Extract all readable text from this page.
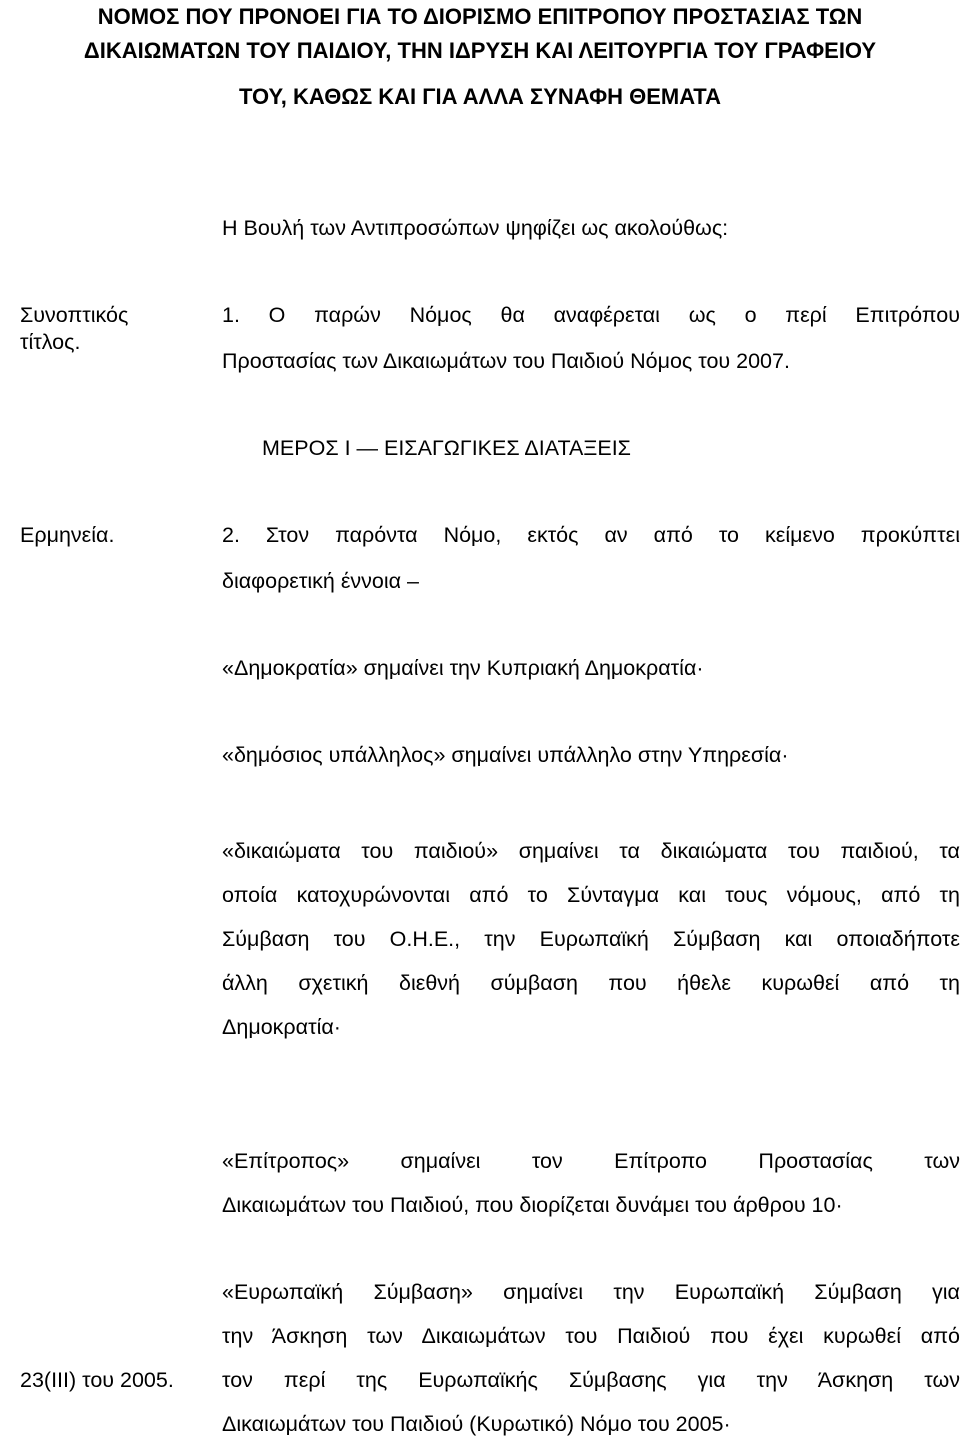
ΝΟΜΟΣ ΠΟΥ ΠΡΟΝΟΕΙ ΓΙΑ ΤΟ ΔΙΟΡΙΣΜΟ ΕΠΙΤΡΟΠΟΥ ΠΡΟΣΤΑΣΙΑΣ ΤΩΝ
ΔΙΚΑΙΩΜΑΤΩΝ ΤΟΥ ΠΑΙΔΙΟΥ, ΤΗΝ ΙΔΡΥΣΗ ΚΑΙ ΛΕΙΤΟΥΡΓΙΑ ΤΟΥ ΓΡΑΦΕΙΟΥ
ΤΟΥ, ΚΑΘΩΣ ΚΑΙ ΓΙΑ ΑΛΛΑ ΣΥΝΑΦΗ ΘΕΜΑΤΑ
Η Βουλή των Αντιπροσώπων ψηφίζει ως ακολούθως:
Συνοπτικός
τίτλος.
1. Ο παρών Νόμος θα αναφέρεται ως ο περί Επιτρόπου
Προστασίας των Δικαιωμάτων του Παιδιού Νόμος του 2007.
ΜΕΡΟΣ Ι — ΕΙΣΑΓΩΓΙΚΕΣ ΔΙΑΤΑΞΕΙΣ
Ερμηνεία.	2. Στον παρόντα Νόμο, εκτός αν από το κείμενο προκύπτει
διαφορετική έννοια –
«Δημοκρατία» σημαίνει την Κυπριακή Δημοκρατία·
«δημόσιος υπάλληλος» σημαίνει υπάλληλο στην Υπηρεσία·
«δικαιώματα του παιδιού» σημαίνει τα δικαιώματα του παιδιού, τα
οποία κατοχυρώνονται από το Σύνταγμα και τους νόμους, από τη
Σύμβαση του Ο.Η.Ε., την Ευρωπαϊκή Σύμβαση και οποιαδήποτε
άλλη σχετική διεθνή σύμβαση που ήθελε κυρωθεί από τη
Δημοκρατία·
«Επίτροπος» σημαίνει τον Επίτροπο Προστασίας των
Δικαιωμάτων του Παιδιού, που διορίζεται δυνάμει του άρθρου 10·
«Ευρωπαϊκή Σύμβαση» σημαίνει την Ευρωπαϊκή Σύμβαση για
την Άσκηση των Δικαιωμάτων του Παιδιού που έχει κυρωθεί από
23(ΙΙΙ) του 2005. τον περί της Ευρωπαϊκής Σύμβασης για την Άσκηση των
Δικαιωμάτων του Παιδιού (Κυρωτικό) Νόμο του 2005·
